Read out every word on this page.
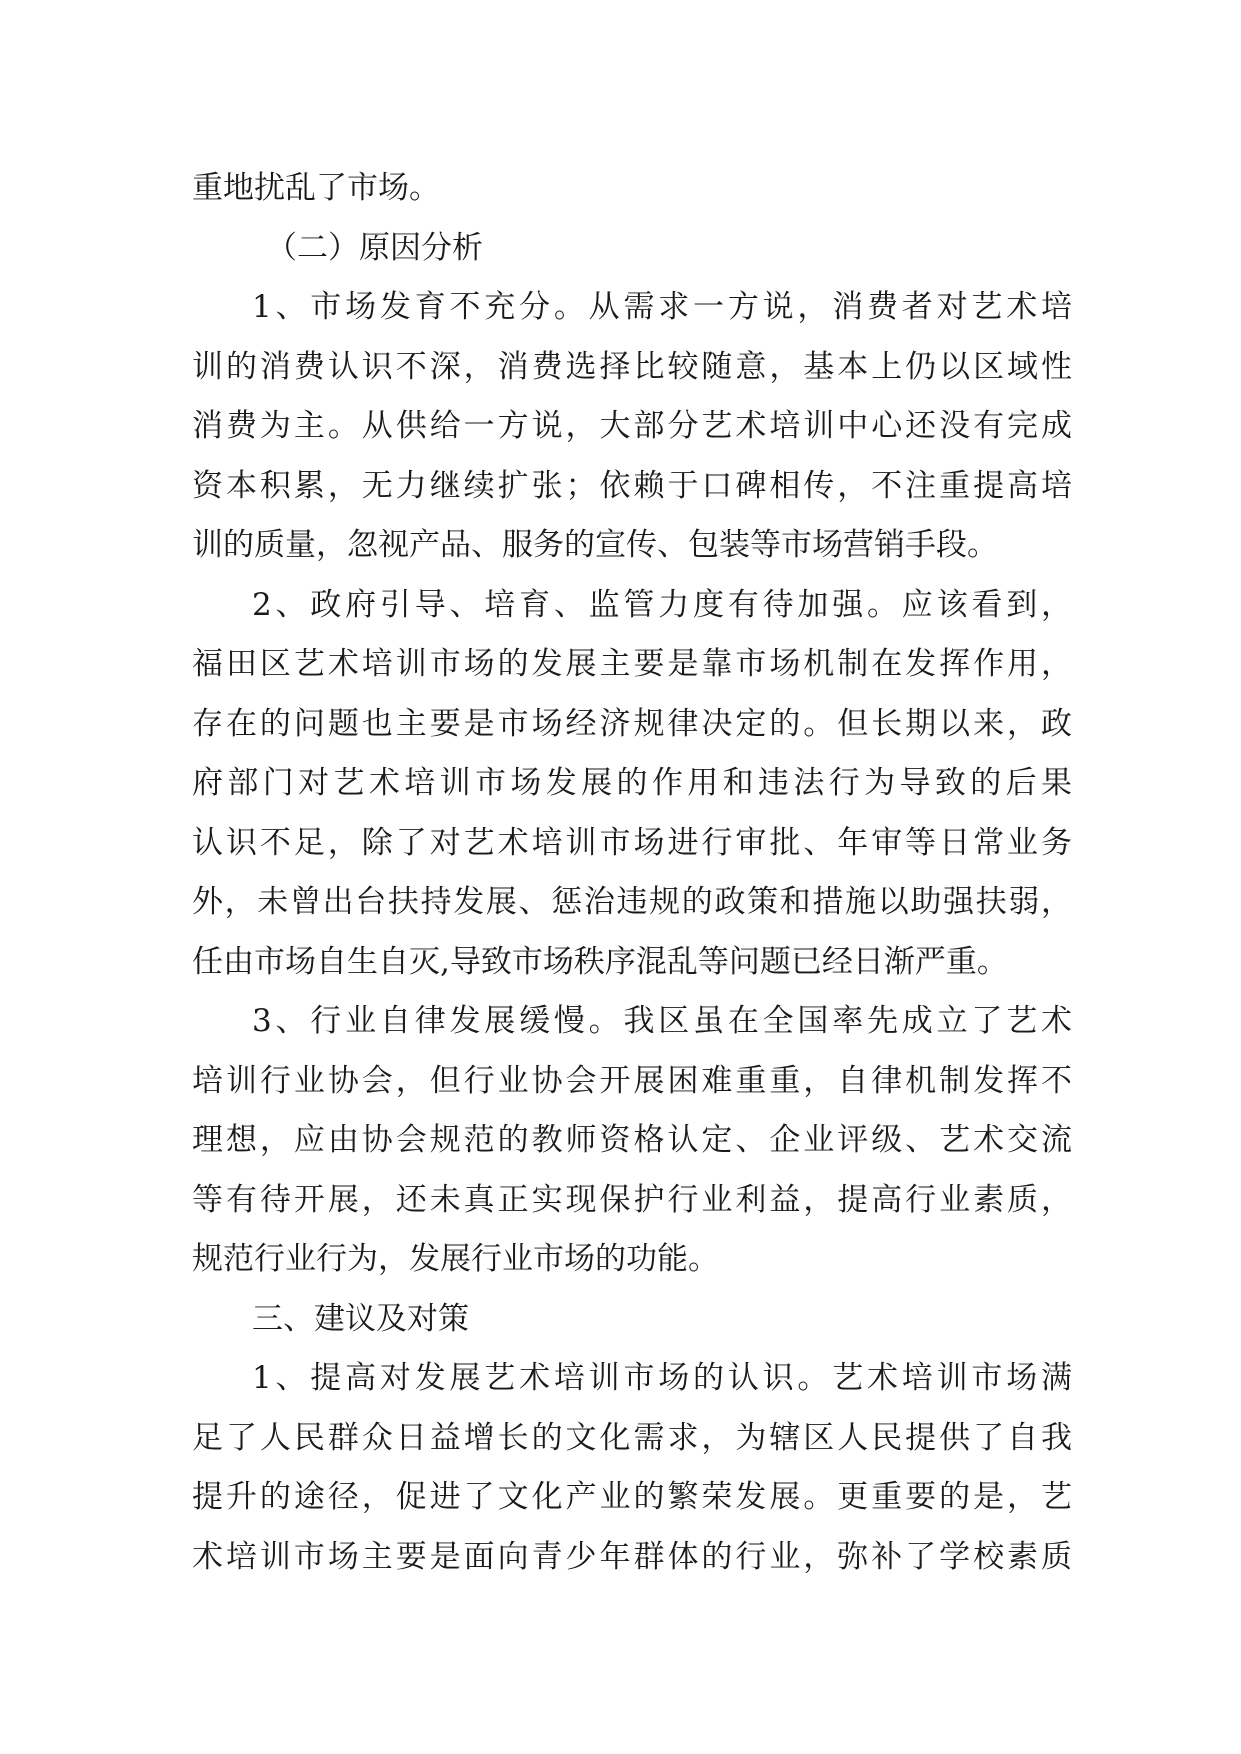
重地扰乱了市场。
（二）原因分析
1、市场发育不充分。从需求一方说，消费者对艺术培
训的消费认识不深，消费选择比较随意，基本上仍以区域性
消费为主。从供给一方说，大部分艺术培训中心还没有完成
资本积累，无力继续扩张；依赖于口碑相传，不注重提高培
训的质量，忽视产品、服务的宣传、包装等市场营销手段。
2、政府引导、培育、监管力度有待加强。应该看到，
福田区艺术培训市场的发展主要是靠市场机制在发挥作用，
存在的问题也主要是市场经济规律决定的。但长期以来，政
府部门对艺术培训市场发展的作用和违法行为导致的后果
认识不足，除了对艺术培训市场进行审批、年审等日常业务
外，未曾出台扶持发展、惩治违规的政策和措施以助强扶弱，
任由市场自生自灭,导致市场秩序混乱等问题已经日渐严重。
3、行业自律发展缓慢。我区虽在全国率先成立了艺术
培训行业协会，但行业协会开展困难重重，自律机制发挥不
理想，应由协会规范的教师资格认定、企业评级、艺术交流
等有待开展，还未真正实现保护行业利益，提高行业素质，
规范行业行为，发展行业市场的功能。
三、建议及对策
1、提高对发展艺术培训市场的认识。艺术培训市场满
足了人民群众日益增长的文化需求，为辖区人民提供了自我
提升的途径，促进了文化产业的繁荣发展。更重要的是，艺
术培训市场主要是面向青少年群体的行业，弥补了学校素质
